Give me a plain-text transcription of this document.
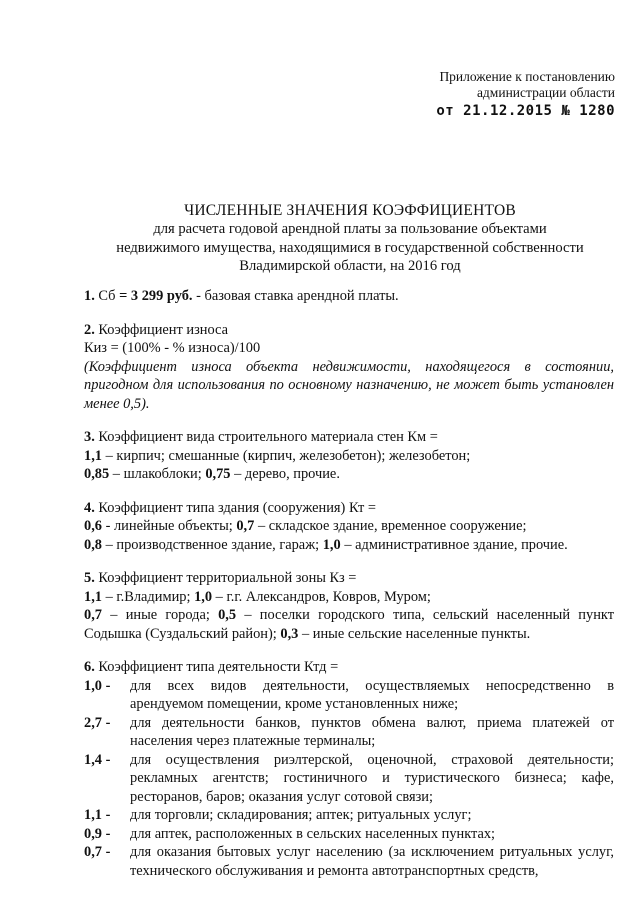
Приложение к постановлению
администрации области
от 21.12.2015 № 1280
ЧИСЛЕННЫЕ ЗНАЧЕНИЯ КОЭФФИЦИЕНТОВ
для расчета годовой арендной платы за пользование объектами
недвижимого имущества, находящимися в государственной собственности
Владимирской области, на 2016 год

1. Сб = 3 299 руб. - базовая ставка арендной платы.

2. Коэффициент износа

Киз = (100% - % износа)/100

(Коэффициент износа объекта недвижимости, находящегося в состоянии, пригодном для использования по основному назначению, не может быть установлен менее 0,5).

3. Коэффициент вида строительного материала стен Км =

1,1 – кирпич; смешанные (кирпич, железобетон); железобетон;

0,85 – шлакоблоки; 0,75 – дерево, прочие.

4. Коэффициент типа здания (сооружения) Кт =

0,6 - линейные объекты; 0,7 – складское здание, временное сооружение;

0,8 – производственное здание, гараж; 1,0 – административное здание, прочие.

5. Коэффициент территориальной зоны Кз =

1,1 – г.Владимир; 1,0 – г.г. Александров, Ковров, Муром;

0,7 – иные города; 0,5 – поселки городского типа, сельский населенный пункт Содышка (Суздальский район); 0,3 – иные сельские населенные пункты.

6. Коэффициент типа деятельности Ктд =

1,0 -	для всех видов деятельности, осуществляемых непосредственно в арендуемом помещении, кроме установленных ниже;
2,7 -	для деятельности банков, пунктов обмена валют, приема платежей от населения через платежные терминалы;
1,4 -	для осуществления риэлтерской, оценочной, страховой деятельности; рекламных агентств; гостиничного и туристического бизнеса; кафе, ресторанов, баров; оказания услуг сотовой связи;
1,1 -	для торговли; складирования; аптек; ритуальных услуг;
0,9 -	для аптек, расположенных в сельских населенных пунктах;
0,7 -	для оказания бытовых услуг населению (за исключением ритуальных услуг, технического обслуживания и ремонта автотранспортных средств,
